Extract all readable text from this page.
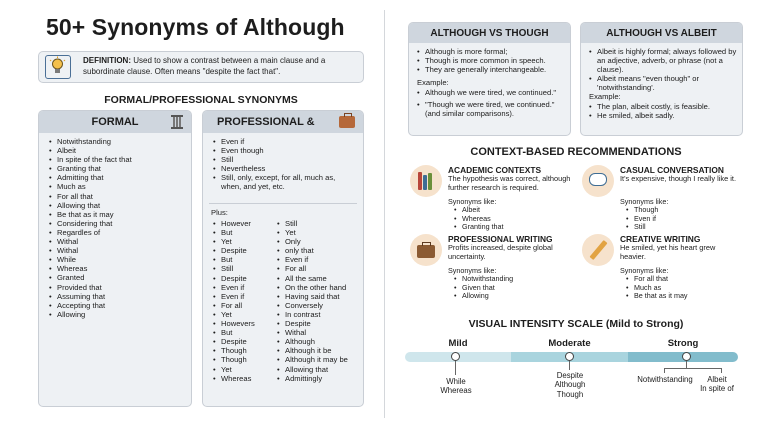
50+ Synonyms of Although
DEFINITION: Used to show a contrast between a main clause and a subordinate clause. Often means "despite the fact that".
FORMAL/PROFESSIONAL SYNONYMS
FORMAL
• Notwithstanding
• Albeit
• In spite of the fact that
• Granting that
• Admitting that
• Much as
• For all that
• Allowing that
• Be that as it may
• Considering that
• Regardles of
• Withal
• Withal
• While
• Whereas
• Granted
• Provided that
• Assuming that
• Accepting that
• Allowing
PROFESSIONAL &
• Even if
• Even though
• Still
• Nevertheless
• Still, only, except, for all, much as, when, and yet, etc.
Plus:
• However
• But
• Yet
• Despite
• But
• Still
• Despite
• Even if
• Even if
• For all
• Yet
• Howevers
• But
• Despite
• Though
• Though
• Yet
• Whereas
• Still
• Yet
• Only
• only that
• Even if
• For all
• All the same
• On the other hand
• Having said that
• Conversely
• In contrast
• Despite
• Withal
• Although
• Although it be
• Although it may be
• Allowing that
• Admittingly
ALTHOUGH VS THOUGH
• Although is more formal;
• Though is more common in speech.
• They are generally interchangeable.
Example:
• Although we were tired, we continued."
• "Though we were tired, we continued." (and similar comparisons).
ALTHOUGH VS ALBEIT
• Albeit is highly formal; always followed by an adjective, adverb, or phrase (not a clause).
• Albeit means "even though" or 'notwithstanding'.
Example:
• The plan, albeit costly, is feasible.
• He smiled, albeit sadly.
CONTEXT-BASED RECOMMENDATIONS
ACADEMIC CONTEXTS
The hypothesis was correct, although further research is required.
Synonyms like:
• Albeit
• Whereas
• Granting that
CASUAL CONVERSATION
It's expensive, though I really like it.
Synonyms like:
• Though
• Even if
• Still
PROFESSIONAL WRITING
Profits increased, despite global uncertainty.
Synonyms like:
• Notwithstanding
• Given that
• Allowing
CREATIVE WRITING
He smiled, yet his heart grew heavier.
Synonyms like:
• For all that
• Much as
• Be that as it may
VISUAL INTENSITY SCALE (Mild to Strong)
Mild	Moderate	Strong
While
Whereas
Despite
Although
Though
Notwithstanding	Albeit
In spite of
